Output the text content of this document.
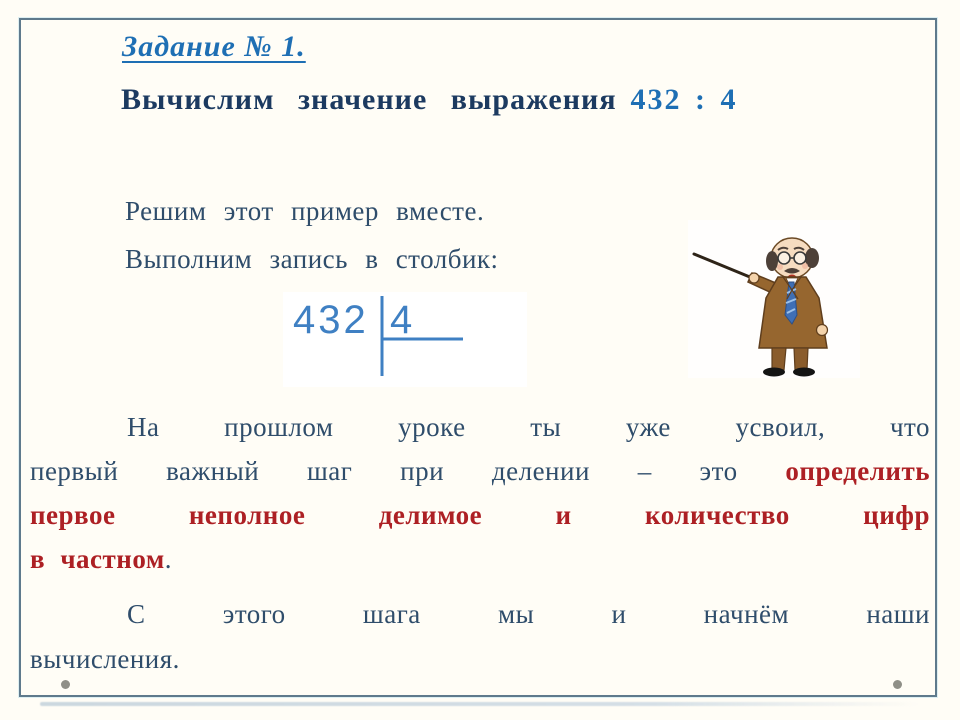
Задание № 1.
Вычислим значение выражения 432 : 4
Решим этот пример вместе.
Выполним запись в столбик:
432 4
На прошлом уроке ты уже усвоил, что
первый важный шаг при делении – это определить
первое неполное делимое и количество цифр
в частном.
С этого шага мы и начнём наши
вычисления.
